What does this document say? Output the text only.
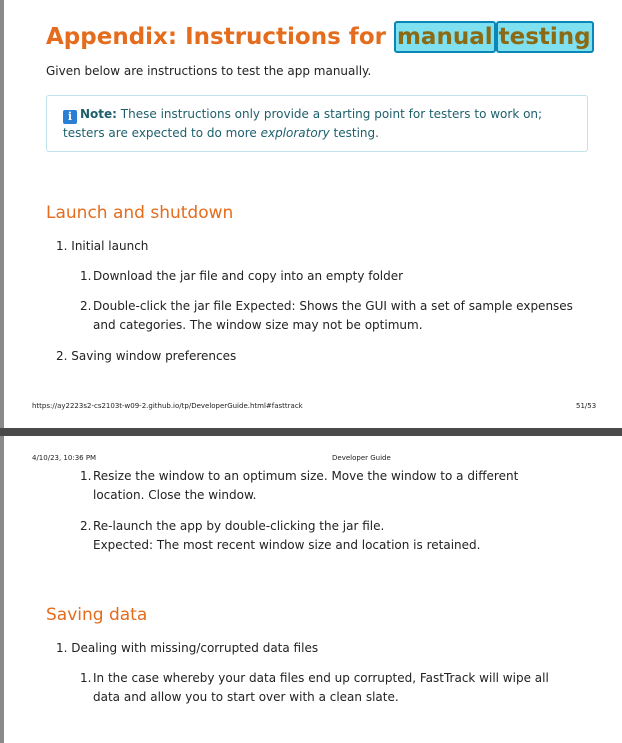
Appendix: Instructions for manual testing

Given below are instructions to test the app manually.

i Note: These instructions only provide a starting point for testers to work on; testers are expected to do more exploratory testing.
Launch and shutdown

1. Initial launch

1. Download the jar file and copy into an empty folder
2. Double-click the jar file Expected: Shows the GUI with a set of sample expenses and categories. The window size may not be optimum.

2. Saving window preferences

https://ay2223s2-cs2103t-w09-2.github.io/tp/DeveloperGuide.html#fasttrack	51/53
4/10/23, 10:36 PM	Developer Guide
1. Resize the window to an optimum size. Move the window to a different location. Close the window.
2. Re-launch the app by double-clicking the jar file.
Expected: The most recent window size and location is retained.
Saving data

1. Dealing with missing/corrupted data files

1. In the case whereby your data files end up corrupted, FastTrack will wipe all data and allow you to start over with a clean slate.
